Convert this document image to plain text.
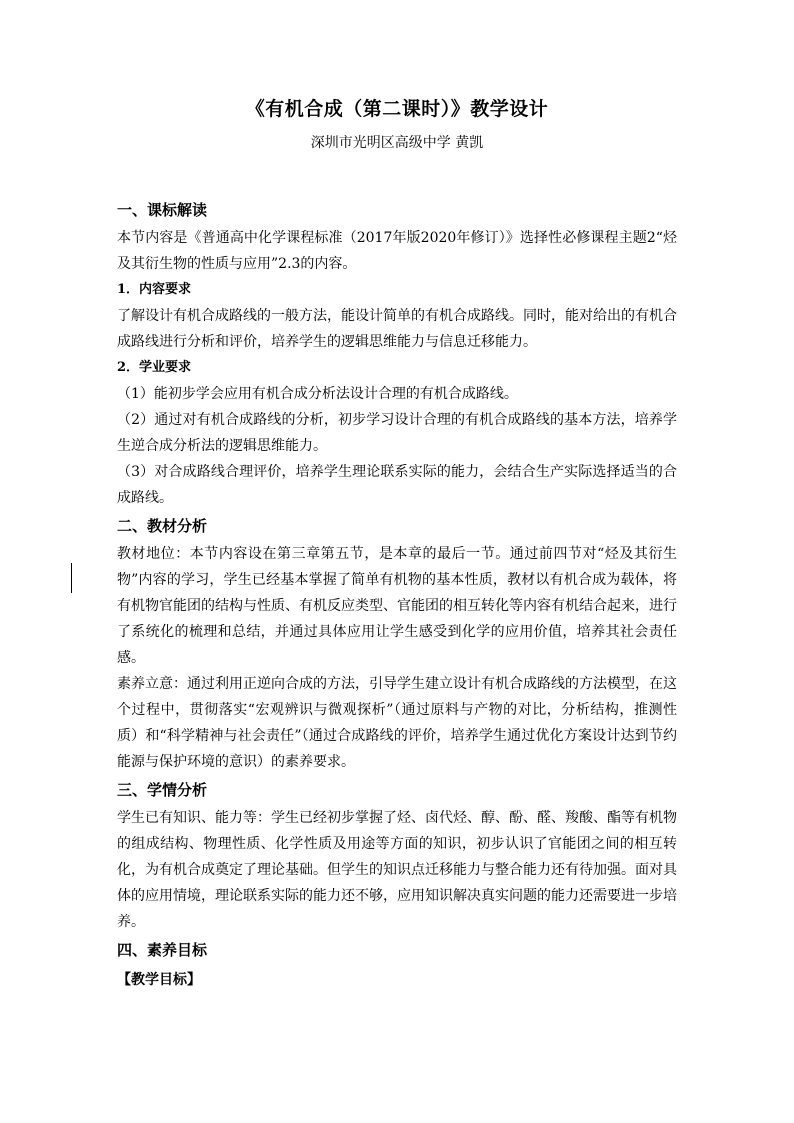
《有机合成（第二课时）》教学设计
深圳市光明区高级中学 黄凯
一、课标解读
本节内容是《普通高中化学课程标准（2017年版2020年修订）》选择性必修课程主题2“烃及其衍生物的性质与应用”2.3的内容。
1．内容要求
了解设计有机合成路线的一般方法，能设计简单的有机合成路线。同时，能对给出的有机合成路线进行分析和评价，培养学生的逻辑思维能力与信息迁移能力。
2．学业要求
（1）能初步学会应用有机合成分析法设计合理的有机合成路线。
（2）通过对有机合成路线的分析，初步学习设计合理的有机合成路线的基本方法，培养学生逆合成分析法的逻辑思维能力。
（3）对合成路线合理评价，培养学生理论联系实际的能力，会结合生产实际选择适当的合成路线。
二、教材分析
教材地位：本节内容设在第三章第五节，是本章的最后一节。通过前四节对“烃及其衍生物”内容的学习，学生已经基本掌握了简单有机物的基本性质，教材以有机合成为载体，将有机物官能团的结构与性质、有机反应类型、官能团的相互转化等内容有机结合起来，进行了系统化的梳理和总结，并通过具体应用让学生感受到化学的应用价值，培养其社会责任感。
素养立意：通过利用正逆向合成的方法，引导学生建立设计有机合成路线的方法模型，在这个过程中，贯彻落实“宏观辨识与微观探析”（通过原料与产物的对比，分析结构，推测性质）和“科学精神与社会责任”（通过合成路线的评价，培养学生通过优化方案设计达到节约能源与保护环境的意识）的素养要求。
三、学情分析
学生已有知识、能力等：学生已经初步掌握了烃、卤代烃、醇、酚、醛、羧酸、酯等有机物的组成结构、物理性质、化学性质及用途等方面的知识，初步认识了官能团之间的相互转化，为有机合成奠定了理论基础。但学生的知识点迁移能力与整合能力还有待加强。面对具体的应用情境，理论联系实际的能力还不够，应用知识解决真实问题的能力还需要进一步培养。
四、素养目标
【教学目标】
